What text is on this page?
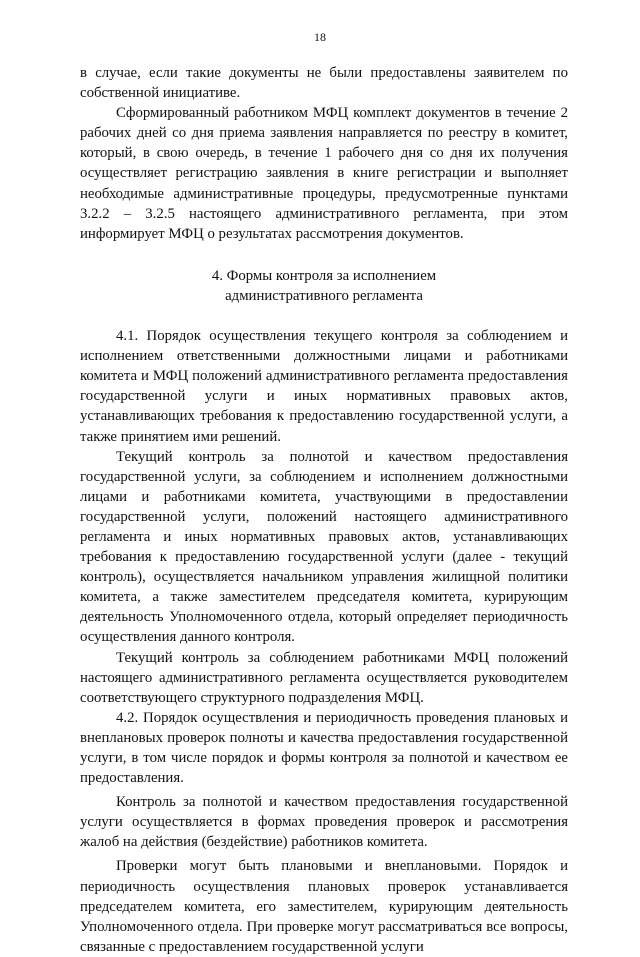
18

в случае, если такие документы не были предоставлены заявителем по собственной инициативе.

Сформированный работником МФЦ комплект документов в течение 2 рабочих дней со дня приема заявления направляется по реестру в комитет, который, в свою очередь, в течение 1 рабочего дня со дня их получения осуществляет регистрацию заявления в книге регистрации и выполняет необходимые административные процедуры, предусмотренные пунктами 3.2.2 – 3.2.5 настоящего административного регламента, при этом информирует МФЦ о результатах рассмотрения документов.

4. Формы контроля за исполнением
административного регламента

4.1. Порядок осуществления текущего контроля за соблюдением и исполнением ответственными должностными лицами и работниками комитета и МФЦ положений административного регламента предоставления государственной услуги и иных нормативных правовых актов, устанавливающих требования к предоставлению государственной услуги, а также принятием ими решений.

Текущий контроль за полнотой и качеством предоставления государственной услуги, за соблюдением и исполнением должностными лицами и работниками комитета, участвующими в предоставлении государственной услуги, положений настоящего административного регламента и иных нормативных правовых актов, устанавливающих требования к предоставлению государственной услуги (далее - текущий контроль), осуществляется начальником управления жилищной политики комитета, а также заместителем председателя комитета, курирующим деятельность Уполномоченного отдела, который определяет периодичность осуществления данного контроля.

Текущий контроль за соблюдением работниками МФЦ положений настоящего административного регламента осуществляется руководителем соответствующего структурного подразделения МФЦ.

4.2. Порядок осуществления и периодичность проведения плановых и внеплановых проверок полноты и качества предоставления государственной услуги, в том числе порядок и формы контроля за полнотой и качеством ее предоставления.

Контроль за полнотой и качеством предоставления государственной услуги осуществляется в формах проведения проверок и рассмотрения жалоб на действия (бездействие) работников комитета.

Проверки могут быть плановыми и внеплановыми. Порядок и периодичность осуществления плановых проверок устанавливается председателем комитета, его заместителем, курирующим деятельность Уполномоченного отдела. При проверке могут рассматриваться все вопросы, связанные с предоставлением государственной услуги
